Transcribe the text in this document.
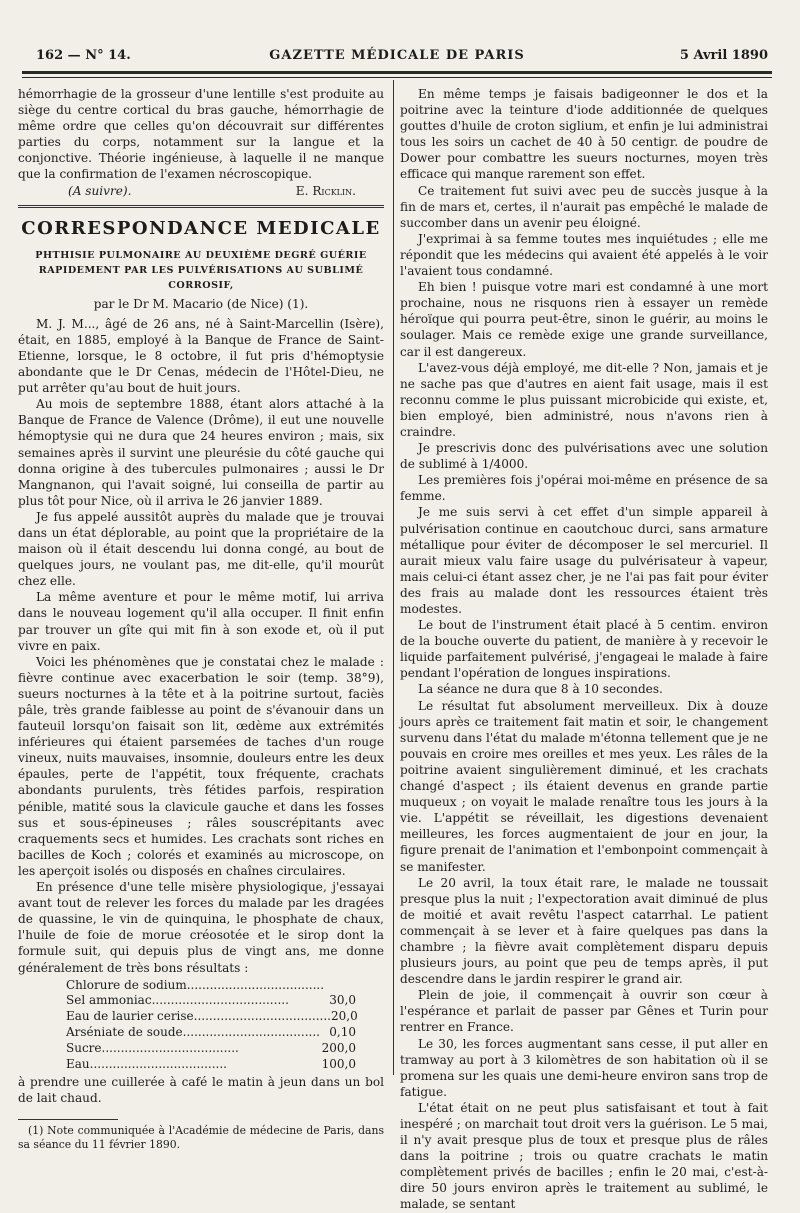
162 — N° 14.	GAZETTE MÉDICALE DE PARIS	5 Avril 1890

hémorrhagie de la grosseur d'une lentille s'est produite au siège du centre cortical du bras gauche, hémorrhagie de même ordre que celles qu'on découvrait sur différentes parties du corps, notamment sur la langue et la conjonctive. Théorie ingénieuse, à laquelle il ne manque que la confirmation de l'examen nécroscopique.

(A suivre).	E. Ricklin.
CORRESPONDANCE MEDICALE
PHTHISIE PULMONAIRE AU DEUXIÈME DEGRÉ GUÉRIE RAPIDEMENT PAR LES PULVÉRISATIONS AU SUBLIMÉ CORROSIF,
par le Dr M. Macario (de Nice) (1).

M. J. M..., âgé de 26 ans, né à Saint-Marcellin (Isère), était, en 1885, employé à la Banque de France de Saint-Etienne, lorsque, le 8 octobre, il fut pris d'hémoptysie abondante que le Dr Cenas, médecin de l'Hôtel-Dieu, ne put arrêter qu'au bout de huit jours.

Au mois de septembre 1888, étant alors attaché à la Banque de France de Valence (Drôme), il eut une nouvelle hémoptysie qui ne dura que 24 heures environ ; mais, six semaines après il survint une pleurésie du côté gauche qui donna origine à des tubercules pulmonaires ; aussi le Dr Mangnanon, qui l'avait soigné, lui conseilla de partir au plus tôt pour Nice, où il arriva le 26 janvier 1889.

Je fus appelé aussitôt auprès du malade que je trouvai dans un état déplorable, au point que la propriétaire de la maison où il était descendu lui donna congé, au bout de quelques jours, ne voulant pas, me dit-elle, qu'il mourût chez elle.

La même aventure et pour le même motif, lui arriva dans le nouveau logement qu'il alla occuper. Il finit enfin par trouver un gîte qui mit fin à son exode et, où il put vivre en paix.

Voici les phénomènes que je constatai chez le malade : fièvre continue avec exacerbation le soir (temp. 38°9), sueurs nocturnes à la tête et à la poitrine surtout, faciès pâle, très grande faiblesse au point de s'évanouir dans un fauteuil lorsqu'on faisait son lit, œdème aux extrémités inférieures qui étaient parsemées de taches d'un rouge vineux, nuits mauvaises, insomnie, douleurs entre les deux épaules, perte de l'appétit, toux fréquente, crachats abondants purulents, très fétides parfois, respiration pénible, matité sous la clavicule gauche et dans les fosses sus et sous-épineuses ; râles souscrépitants avec craquements secs et humides. Les crachats sont riches en bacilles de Koch ; colorés et examinés au microscope, on les aperçoit isolés ou disposés en chaînes circulaires.

En présence d'une telle misère physiologique, j'essayai avant tout de relever les forces du malade par les dragées de quassine, le vin de quinquina, le phosphate de chaux, l'huile de foie de morue créosotée et le sirop dont la formule suit, qui depuis plus de vingt ans, me donne généralement de très bons résultats :

Chlorure de sodium....................................
Sel ammoniac....................................	30,0
Eau de laurier cerise.................................... 20,0
Arséniate de soude.................................... 0,10
Sucre....................................	200,0
Eau....................................	100,0

à prendre une cuillerée à café le matin à jeun dans un bol de lait chaud.

(1) Note communiquée à l'Académie de médecine de Paris, dans sa séance du 11 février 1890.

En même temps je faisais badigeonner le dos et la poitrine avec la teinture d'iode additionnée de quelques gouttes d'huile de croton siglium, et enfin je lui administrai tous les soirs un cachet de 40 à 50 centigr. de poudre de Dower pour combattre les sueurs nocturnes, moyen très efficace qui manque rarement son effet.

Ce traitement fut suivi avec peu de succès jusque à la fin de mars et, certes, il n'aurait pas empêché le malade de succomber dans un avenir peu éloigné.

J'exprimai à sa femme toutes mes inquiétudes ; elle me répondit que les médecins qui avaient été appelés à le voir l'avaient tous condamné.

Eh bien ! puisque votre mari est condamné à une mort prochaine, nous ne risquons rien à essayer un remède héroïque qui pourra peut-être, sinon le guérir, au moins le soulager. Mais ce remède exige une grande surveillance, car il est dangereux.

L'avez-vous déjà employé, me dit-elle ? Non, jamais et je ne sache pas que d'autres en aient fait usage, mais il est reconnu comme le plus puissant microbicide qui existe, et, bien employé, bien administré, nous n'avons rien à craindre.

Je prescrivis donc des pulvérisations avec une solution de sublimé à 1/4000.

Les premières fois j'opérai moi-même en présence de sa femme.

Je me suis servi à cet effet d'un simple appareil à pulvérisation continue en caoutchouc durci, sans armature métallique pour éviter de décomposer le sel mercuriel. Il aurait mieux valu faire usage du pulvérisateur à vapeur, mais celui-ci étant assez cher, je ne l'ai pas fait pour éviter des frais au malade dont les ressources étaient très modestes.

Le bout de l'instrument était placé à 5 centim. environ de la bouche ouverte du patient, de manière à y recevoir le liquide parfaitement pulvérisé, j'engageai le malade à faire pendant l'opération de longues inspirations.

La séance ne dura que 8 à 10 secondes.

Le résultat fut absolument merveilleux. Dix à douze jours après ce traitement fait matin et soir, le changement survenu dans l'état du malade m'étonna tellement que je ne pouvais en croire mes oreilles et mes yeux. Les râles de la poitrine avaient singulièrement diminué, et les crachats changé d'aspect ; ils étaient devenus en grande partie muqueux ; on voyait le malade renaître tous les jours à la vie. L'appétit se réveillait, les digestions devenaient meilleures, les forces augmentaient de jour en jour, la figure prenait de l'animation et l'embonpoint commençait à se manifester.

Le 20 avril, la toux était rare, le malade ne toussait presque plus la nuit ; l'expectoration avait diminué de plus de moitié et avait revêtu l'aspect catarrhal. Le patient commençait à se lever et à faire quelques pas dans la chambre ; la fièvre avait complètement disparu depuis plusieurs jours, au point que peu de temps après, il put descendre dans le jardin respirer le grand air.

Plein de joie, il commençait à ouvrir son cœur à l'espérance et parlait de passer par Gênes et Turin pour rentrer en France.

Le 30, les forces augmentant sans cesse, il put aller en tramway au port à 3 kilomètres de son habitation où il se promena sur les quais une demi-heure environ sans trop de fatigue.

L'état était on ne peut plus satisfaisant et tout à fait inespéré ; on marchait tout droit vers la guérison. Le 5 mai, il n'y avait presque plus de toux et presque plus de râles dans la poitrine ; trois ou quatre crachats le matin complètement privés de bacilles ; enfin le 20 mai, c'est-à-dire 50 jours environ après le traitement au sublimé, le malade, se sentant
